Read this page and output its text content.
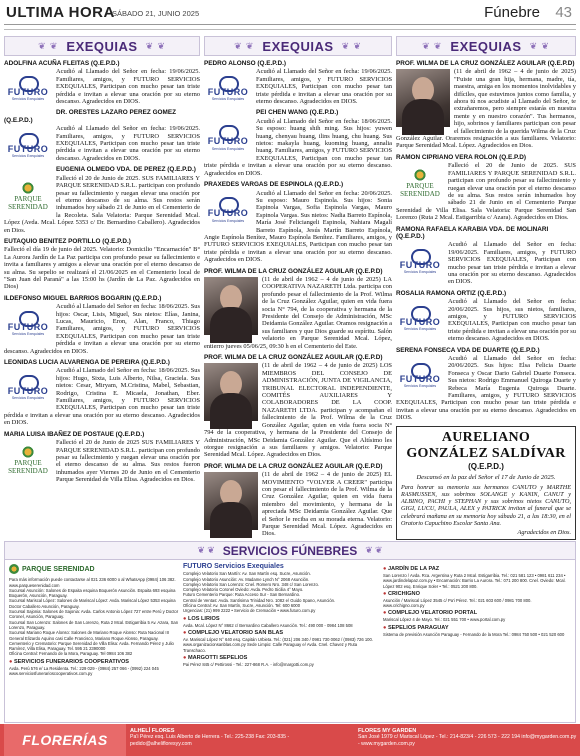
ULTIMA HORA
SÁBADO 21, JUNIO 2025	Fúnebre 43
❦ ❦ EXEQUIAS ❦ ❦
ADOLFINA ACUÑA FLEITAS (Q.E.P.D.)
FUTURO
Servicios Exequiales
Acudió al Llamado del Señor en fecha: 19/06/2025. Familiares, amigos, y FUTURO SERVICIOS EXEQUIALES, Participan con mucho pesar tan triste pérdida e invitan a elevar una oración por su eterno descanso. Agradecidos en DIOS.
DR. ORESTES LAZARO PEREZ GOMEZ (Q.E.P.D.)
FUTURO
Servicios Exequiales
Acudió al Llamado del Señor en fecha: 19/06/2025. Familiares, amigos, y FUTURO SERVICIOS EXEQUIALES, Participan con mucho pesar tan triste pérdida e invitan a elevar una oración por su eterno descanso. Agradecidos en DIOS.
EUGENIA OLMEDO VDA. DE PEREZ (Q.E.P.D.)
PARQUE
SERENIDAD
Falleció el 20 de Junio de 2025. SUS FAMILIARES Y PARQUE SERENIDAD S.R.L. participan con profundo pesar su fallecimiento y ruegan elevar una oración por el eterno descanso de su alma. Sus restos serán inhumados hoy sábado 21 de Junio en el Cementerio de la Recoleta. Sala Velatoria: Parque Serenidad Mcal. López (Avda. Mcal. López 5353 c/ Dr. Bernardino Caballero). Agradecidos en Dios.
EUTAQUIO BENITEZ PORTILLO (Q.E.P.D.)
Falleció el día 19 de junio del 2025. Velatorio: Domicilio "Encarnación" B° La Aurora Jardín de La Paz participa con profundo pesar su fallecimiento e invita a familiares y amigos a elevar una oración por el eterno descanso de su alma. Su sepelio se realizará el 21/06/2025 en el Cementerio local de "San Juan del Paraná" a las 15:00 hs (Jardín de La Paz. Agradecidos en Dios)
ILDEFONSO MIGUEL BARRIOS BOGARIN (Q.E.P.D.)
FUTURO
Servicios Exequiales
Acudió al Llamado del Señor en fecha: 18/06/2025. Sus hijos: Oscar, Lisis, Miguel, Sus nietos: Elías, Janina, Lucas, Mauricio, Eron, Alan, Franco, Thiago Familiares, amigos, y FUTURO SERVICIOS EXEQUIALES, Participan con mucho pesar tan triste pérdida e invitan a elevar una oración por su eterno descanso. Agradecidos en DIOS.
LEONIDAS LUCIA ALVARENGA DE PEREIRA (Q.E.P.D.)
FUTURO
Servicios Exequiales
Acudió al Llamado del Señor en fecha: 18/06/2025. Sus hijos: Hugo, Sixta, Luis Alberto, Nilsa, Graciela. Sus nietos: Cesar, Miryam, M.Cristina, Mabel, Sebastian, Rodrigo, Cristina E. Micaela, Jonathan, Eber. Familiares, amigos, y FUTURO SERVICIOS EXEQUIALES, Participan con mucho pesar tan triste pérdida e invitan a elevar una oración por su eterno descanso. Agradecidos en DIOS.
MARIA LUISA IBAÑEZ DE POSTAUE (Q.E.P.D.)
PARQUE
SERENIDAD
Falleció el 20 de Junio de 2025 SUS FAMILIARES Y PARQUE SERENIDAD S.R.L. participan con profundo pesar su fallecimiento y ruegan elevar una oración por el eterno descanso de su alma. Sus restos fueron inhumados ayer Viernes 20 de Junio en el Cementerio Parque Serenidad de Villa Elisa. Agradecidos en Dios.
❦ ❦ EXEQUIAS ❦ ❦
PEDRO ALONSO (Q.E.P.D.)
FUTURO
Servicios Exequiales
Acudió al Llamado del Señor en fecha: 19/06/2025. Familiares, amigos, y FUTURO SERVICIOS EXEQUIALES, Participan con mucho pesar tan triste pérdida e invitan a elevar una oración por su eterno descanso. Agradecidos en DIOS.
PEI CHEN WANG (Q.E.P.D.)
FUTURO
Servicios Exequiales
Acudió al Llamado del Señor en fecha: 18/06/2025. Su esposo: huang shih ming. Sus hijos: yuwen huang, chenyau huang, ilins huang, chu huang. Sus nietos: makayla huang, kuoming huang, annalia huang. Familiares, amigos, y FUTURO SERVICIOS EXEQUIALES, Participan con mucho pesar tan triste pérdida e invitan a elevar una oración por su eterno descanso. Agradecidos en DIOS.
PRAXEDES VARGAS DE ESPINOLA (Q.E.P.D.)
FUTURO
Servicios Exequiales
Acudió al Llamado del Señor en fecha: 20/06/2025. Su esposo: Mauro Espinola. Sus hijos: Sonia Espinola Vargas, Sofia Espinola Vargas, Mauro Espinola Vargas. Sus nietos: Nadia Barreto Espínola, María José Feliciangeli Espinola, Nahiara Magalí Barreto Espínola, Jesús Martín Barreto Espínola, Angie Espínola Benítez, Mauro Espínola Benítez. Familiares, amigos, y FUTURO SERVICIOS EXEQUIALES, Participan con mucho pesar tan triste pérdida e invitan a elevar una oración por su eterno descanso. Agradecidos en DIOS.
PROF. WILMA DE LA CRUZ GONZÁLEZ AGUILAR (Q.E.P.D)
(11 de abril de 1962 – 4 de junio de 2025) LA COOPERATIVA NAZARETH Ltda. participa con profundo pesar el fallecimiento de la Prof. Wilma de la Cruz González Aguilar, quien en vida fuera socia N° 794, de la cooperativa y hermana de la Presidente del Consejo de Administración, MSc Deidamia González Aguilar. Oramos resignación a sus familiares y que Dios guarde su espíritu. Salón velatorio en Parque Serenidad Mcal. López, entierro jueves 05/06/25, 09:30 h en el Cementerio del Este.
PROF. WILMA DE LA CRUZ GONZÁLEZ AGUILAR (Q.E.P.D)
(11 de abril de 1962 – 4 de junio de 2025) LOS MIEMBROS DEL CONSEJO DE ADMINISTRACIÓN, JUNTA DE VIGILANCIA, TRIBUNAL ELECTORAL INDEPENDIENTE, COMITÉS AUXILIARES Y COLABORADORES DE LA COOP. NAZARETH LTDA. participan y acompañan el fallecimiento de la Prof. Wilma de la Cruz González Aguilar, quien en vida fuera socia N° 794 de la cooperativa, y hermana de la Presidente del Consejo de Administración, MSc Deidamia González Aguilar. Que el Altísimo les otorgue resignación a sus familiares y amigos. Velatorio: Parque Serenidad Mcal. López. Agradecidos en Dios.
PROF. WILMA DE LA CRUZ GONZÁLEZ AGUILAR (Q.E.P.D)
(11 de abril de 1962 – 4 de junio de 2025) EL MOVIMIENTO "VOLVER A CREER" participa con pesar el fallecimiento de la Prof. Wilma de la Cruz González Aguilar, quien en vida fuera miembro del movimiento, y hermana de la apreciada MSc Deidamia González Aguilar. Que el Señor le reciba en su morada eterna. Velatorio: Parque Serenidad Mcal. López. Agradecidos en Dios.
❦ ❦ EXEQUIAS ❦ ❦
PROF. WILMA DE LA CRUZ GONZÁLEZ AGUILAR (Q.E.P.D)
(11 de abril de 1962 – 4 de junio de 2025) "Fuiste una gran hija, hermana, madre, tía, maestra, amiga en los momentos inolvidables y difíciles, que estuvimos juntos como familia, y ahora tú nos acudiste al Llamado del Señor, te extrañaremos, pero siempre estarás en nuestra mente y en nuestro corazón". Tus hermanos, hijo, sobrinos y familiares participan con pesar el fallecimiento de la querida Wilma de la Cruz González Aguilar. Oraremos resignación a sus familiares. Velatorio: Parque Serenidad Mcal. López. Agradecidos en Dios.
RAMON CIPRIANO VERA ROLON (Q.E.P.D)
PARQUE
SERENIDAD
Falleció el 20 de Junio de 2025. SUS FAMILIARES Y PARQUE SERENIDAD S.R.L. participan con profundo pesar su fallecimiento y ruegan elevar una oración por el eterno descanso de su alma. Sus restos serán inhumados hoy sábado 21 de Junio en el Cementerio Parque Serenidad de Villa Elisa. Sala Velatoria: Parque Serenidad San Lorenzo (Ruta 2 Mcal. Estigarribia c/ Azara). Agradecidos en Dios.
RAMONA RAFAELA KARABIA VDA. DE MOLINARI (Q.E.P.D.)
FUTURO
Servicios Exequiales
Acudió al Llamado del Señor en fecha: 19/06/2025. Familiares, amigos, y FUTURO SERVICIOS EXEQUIALES, Participan con mucho pesar tan triste pérdida e invitan a elevar una oración por su eterno descanso. Agradecidos en DIOS.
ROSALIA RAMONA ORTIZ (Q.E.P.D.)
FUTURO
Servicios Exequiales
Acudió al Llamado del Señor en fecha: 20/06/2025. Sus hijos, sus nietos, familiares, amigos, y FUTURO SERVICIOS EXEQUIALES, Participan con mucho pesar tan triste pérdida e invitan a elevar una oración por su eterno descanso. Agradecidos en DIOS.
SERENA FONSECA VDA DE DUARTE (Q.E.P.D.)
FUTURO
Servicios Exequiales
Acudió al Llamado del Señor en fecha: 20/06/2025. Sus hijos: Elsa Felicia Duarte Fonseca y Oscar Dario Gabriel Duarte Fonseca. Sus nietos: Rodrigo Emmanuel Quiroga Duarte y Rebeca María Eugenia Quiroga Duarte. Familiares, amigos, y FUTURO SERVICIOS EXEQUIALES, Participan con mucho pesar tan triste pérdida e invitan a elevar una oración por su eterno descanso. Agradecidos en DIOS.
AURELIANO GONZÁLEZ SALDÍVAR
(Q.E.P.D.)
Descansó en la paz del Señor el 17 de Junio de 2025.
Para honrar su memoria sus hermanos CANUTO y MARTHE RASMUSSEN, sus sobrinos SOLANGE y KANIN, CANUT y ALBINO, PACHI y STEPHAN y sus sobrinos nietos CANUTO, GIGI, LUCU, PAULA, ALEX y PATRICK invitan al funeral que se celebrará mañana en su memoria hoy sábado 21, a las 18:30, en el Oratorio Capuchino Escolar Santa Ana.
Agradecidos en Dios.
❦ ❦ SERVICIOS FÚNEBRES ❦ ❦
PARQUE SERENIDAD
Para más información puede contactarse al 021 236 6000 o al WhatsApp (0984) 106 382. www.parqueserenidad.com
Sucursal Asunción: Salones de Espaita esquina Boquerón Asunción. Espaita 693 esquina Boquerón, Asunción, Paraguay.
Sucursal Mariscal López: Salones de Mariscal López: Avda. Mariscal López 5353 esquina Doctor Caballero Asunción, Paraguay.
Sucursal Sajonia: Salones de Sajonia: Avda. Carlos Antonio López 727 entre Perú y Doctor Coronel, Asunción, Paraguay.
Sucursal San Lorenzo: Salones de San Lorenzo, Ruta 2 Mcal. Estigarribia 5 Av. Azara, San Lorenzo, Paraguay.
Sucursal Mariano Roque Alonso: Salones de Mariano Roque Alonso: Ruta Nacional III General Elizardo Aquino casi Calle Francisco, Mariano Roque Alonso, Paraguay.
Cementerio y Crematorio: Parque Serenidad de Villa Elisa: Avda. Fernando Pérez y Julio Ramírez, Villa Elisa, Paraguay. Tel. 595 21 2390000
Oficina Central: Fernando de la Mora, Paraguay. Tel 0984 106 382
● SERVICIOS FUNERARIOS COOPERATIVOS
Avda. Perú 576 e/ La Residenta. Tel.: 229 029 - (0984) 257 066 - (0992) 224 045 www.serviciosfunerarioscooperativos.com.py
FUTURO Servicios Exequiales
Complejo Velatorio San Martín: Av. San Martín esq. Sucre, Asunción.
Complejo Velatorio Asunción: Av. Madame Lynch N° 2068 Asunción.
Complejo Velatorio San Lorenzo: Cnel. Romero Nro. 348 c/ San Lorenzo.
Complejo Velatorio Coronel Oviedo: Avda. Pedro Sicilia 4° Mayo.
Futuro Cementerio Parque: Ruta Acceso Sur - San Bernardino.
Central de Ventas: Avda. Santísima Trinidad Nro. 1082 e/ Guido Spano, Asunción.
Oficina Central: Av. San Martín, Sucre, Asunción. Tel: 600 6000
Urgencias: (21) 999 2222 • Servicio de Cremación • www.futuro.com.py
● LOS LIRIOS
Avda. Mcal. López N° 8662 c/ Bernardino Caballero Asunción. Tel.: 490 000 - 0984 108 508
● COMPLEJO VELATORIO SAN BLAS
Av. Mariscal López N° 640 esq. Capitán Urbieta. Tel.: (021) 206 340 / 0981 730 0062 / (0983) 726 100. www.organizacionsanblas.com.py Sede Limpio: Calle Paraguay e/ Avda. Cnel. Chavez y Ruta Transchaco.
● MARGOTTI SEPELIOS
Pai Pérez 845 c/ Pettirossi - Tel.: 227-868 R.A. - info@margotti.com.py
● JARDÍN DE LA PAZ
San Lorenzo / Avda. Rca. Argentina y Ruta 2 Mcal. Estigarribia. Tel.: 021 581 123 • 0981 611 234 • www.jardindelapaz.com.py • Encarnación: Barrio La Aurora. Tel.: 071 200 800. Cnel. Oviedo: Mcal. López 902 esq. Enrique Soler • Tel.: 0521 200 800.
● CRICHIGNO
Asunción / Mariscal López 3545 c/ Pa'i Pérez. Tel.: 021 603 600 / 0981 700 800. www.crichigno.com.py
● COMPLEJO VELATORIO PORTAL
Mariscal López 4 de Mayo. Tel.: 021 551 700 • www.portal.com.py
● SEPELIOS PARAGUAY
Sistema de previsión Asunción Paraguay - Fernando de la Mora Tel.: 0984 750 500 • 021 520 600
FLORERÍAS
ALHELÍ FLORES
Pa'i Pérez esq. Luis Alberto de Herrera - Tel.: 225-238 Fax: 203-835 - pedido@alhelifloresyy.com
FLORES MY GARDEN
San José 1979 c/ Mariscal López - Tel.: 214-823/4 - 226 573 - 222 194 info@mygarden.com.py - www.mygarden.com.py
